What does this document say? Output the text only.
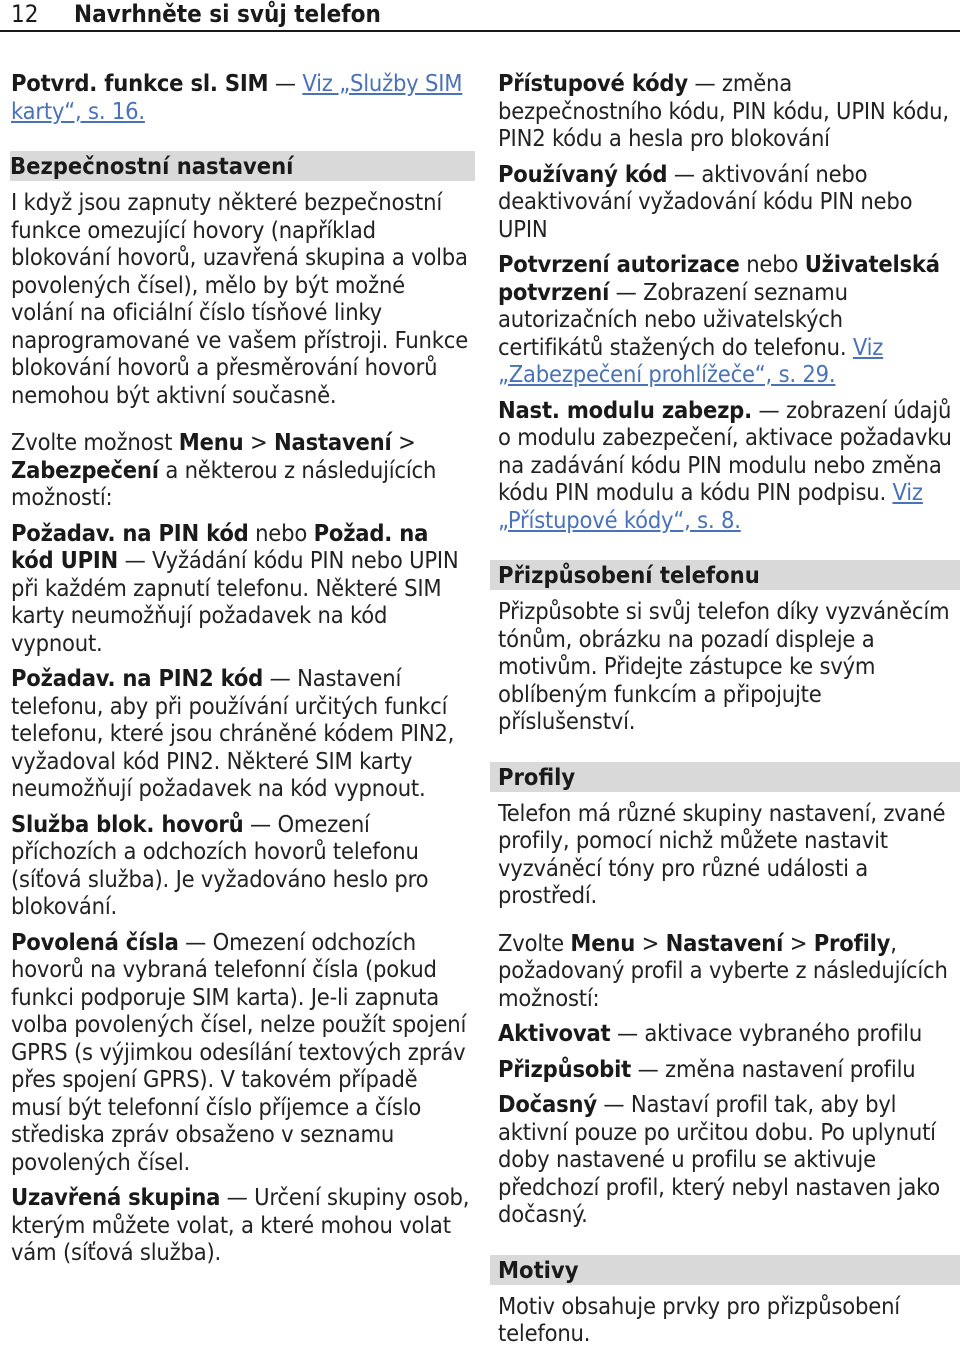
12 Navrhněte si svůj telefon

Potvrd. funkce sl. SIM — Viz „Služby SIM karty“, s. 16.

Bezpečnostní nastavení

I když jsou zapnuty některé bezpečnostní funkce omezující hovory (například blokování hovorů, uzavřená skupina a volba povolených čísel), mělo by být možné volání na oficiální číslo tísňové linky naprogramované ve vašem přístroji. Funkce blokování hovorů a přesměrování hovorů nemohou být aktivní současně.

Zvolte možnost Menu > Nastavení > Zabezpečení a některou z následujících možností:

Požadav. na PIN kód nebo Požad. na kód UPIN — Vyžádání kódu PIN nebo UPIN při každém zapnutí telefonu. Některé SIM karty neumožňují požadavek na kód vypnout.

Požadav. na PIN2 kód — Nastavení telefonu, aby při používání určitých funkcí telefonu, které jsou chráněné kódem PIN2, vyžadoval kód PIN2. Některé SIM karty neumožňují požadavek na kód vypnout.

Služba blok. hovorů — Omezení příchozích a odchozích hovorů telefonu (síťová služba). Je vyžadováno heslo pro blokování.

Povolená čísla — Omezení odchozích hovorů na vybraná telefonní čísla (pokud funkci podporuje SIM karta). Je-li zapnuta volba povolených čísel, nelze použít spojení GPRS (s výjimkou odesílání textových zpráv přes spojení GPRS). V takovém případě musí být telefonní číslo příjemce a číslo střediska zpráv obsaženo v seznamu povolených čísel.

Uzavřená skupina — Určení skupiny osob, kterým můžete volat, a které mohou volat vám (síťová služba).

Přístupové kódy — změna bezpečnostního kódu, PIN kódu, UPIN kódu, PIN2 kódu a hesla pro blokování

Používaný kód — aktivování nebo deaktivování vyžadování kódu PIN nebo UPIN

Potvrzení autorizace nebo Uživatelská potvrzení — Zobrazení seznamu autorizačních nebo uživatelských certifikátů stažených do telefonu. Viz „Zabezpečení prohlížeče“, s. 29.

Nast. modulu zabezp. — zobrazení údajů o modulu zabezpečení, aktivace požadavku na zadávání kódu PIN modulu nebo změna kódu PIN modulu a kódu PIN podpisu. Viz „Přístupové kódy“, s. 8.

Přizpůsobení telefonu

Přizpůsobte si svůj telefon díky vyzváněcím tónům, obrázku na pozadí displeje a motivům. Přidejte zástupce ke svým oblíbeným funkcím a připojujte příslušenství.

Profily

Telefon má různé skupiny nastavení, zvané profily, pomocí nichž můžete nastavit vyzváněcí tóny pro různé události a prostředí.

Zvolte Menu > Nastavení > Profily, požadovaný profil a vyberte z následujících možností:

Aktivovat — aktivace vybraného profilu

Přizpůsobit — změna nastavení profilu

Dočasný — Nastaví profil tak, aby byl aktivní pouze po určitou dobu. Po uplynutí doby nastavené u profilu se aktivuje předchozí profil, který nebyl nastaven jako dočasný.

Motivy

Motiv obsahuje prvky pro přizpůsobení telefonu.
